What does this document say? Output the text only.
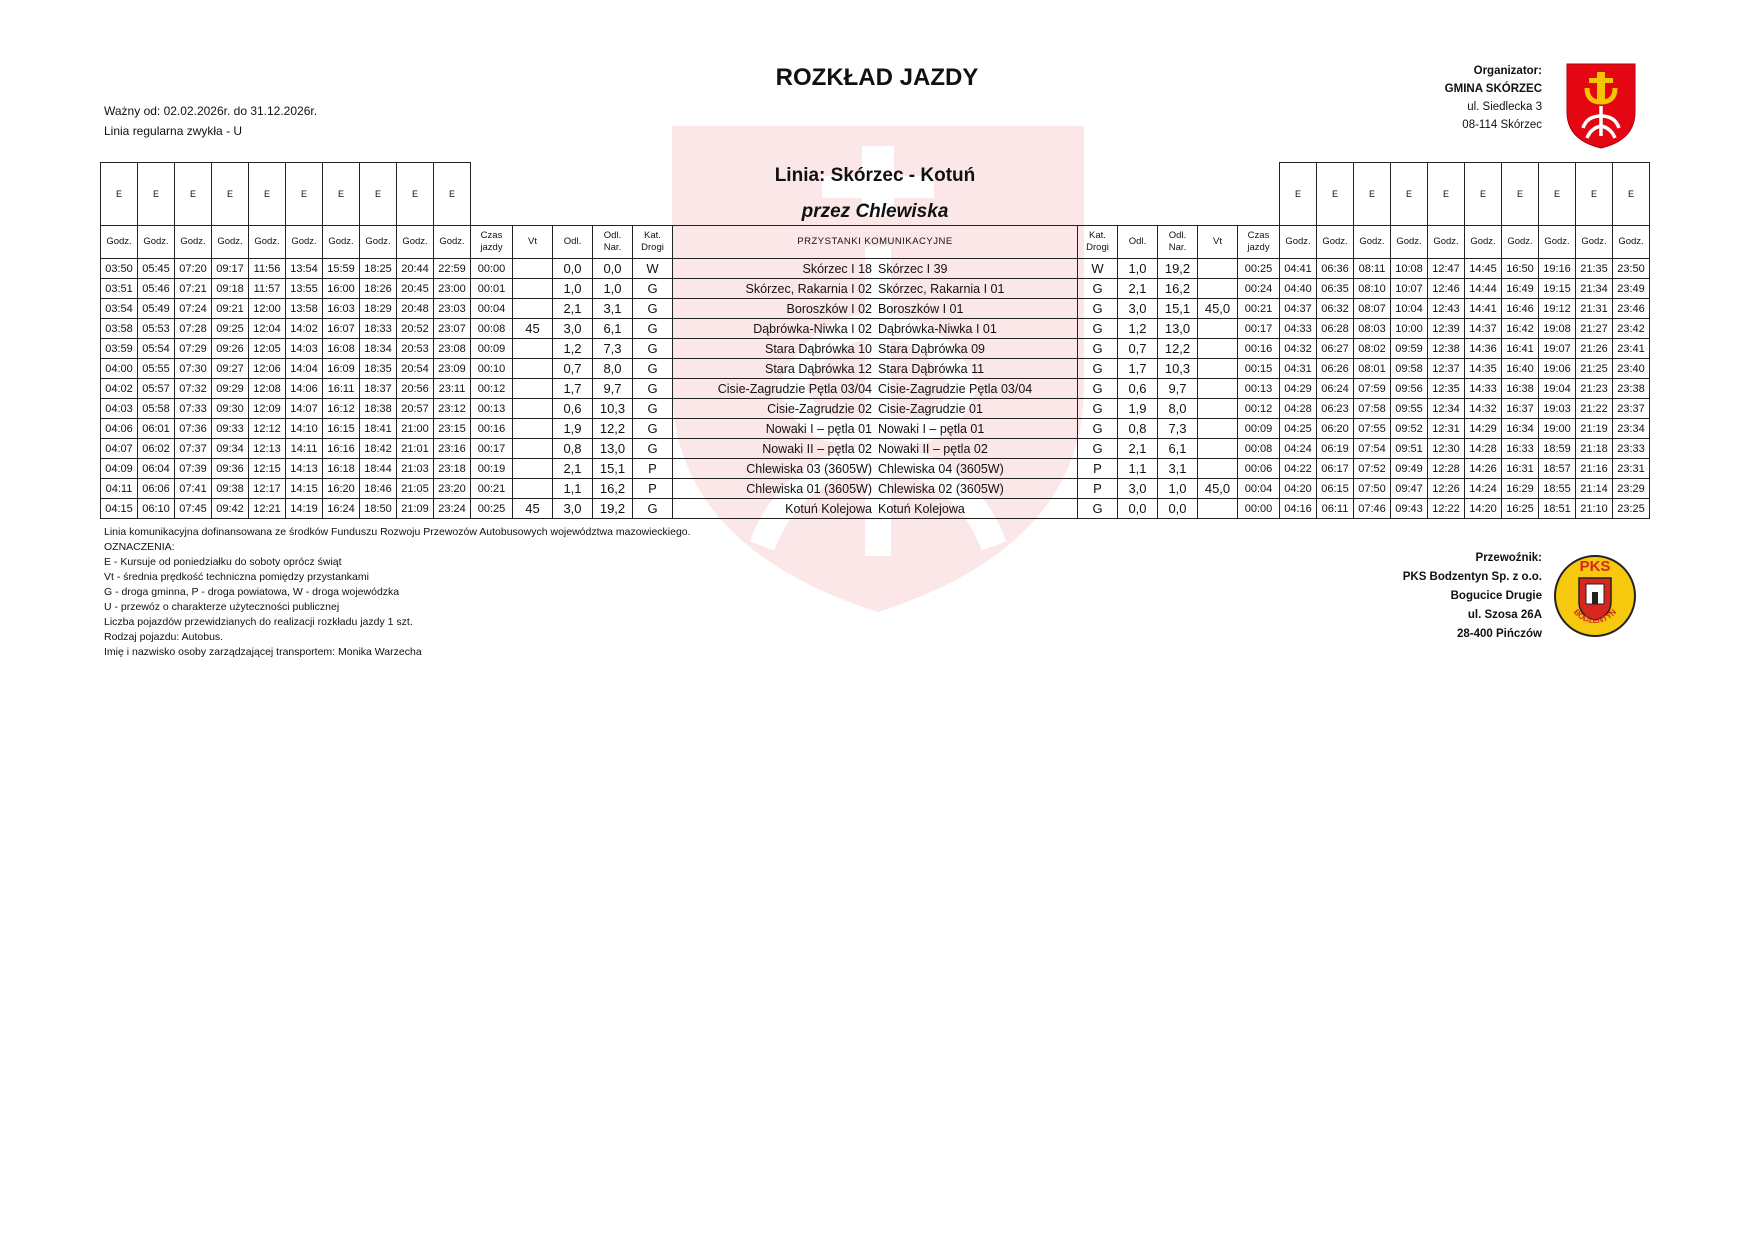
ROZKŁAD JAZDY
Ważny od: 02.02.2026r. do 31.12.2026r.
Linia regularna zwykła - U
Organizator:
GMINA SKÓRZEC
ul. Siedlecka 3
08-114 Skórzec
E	E	E	E	E	E	E	E	E	E						Linia: Skórzec - Kotuń
przez Chlewiska						E	E	E	E	E	E	E	E	E	E
Godz.	Godz.	Godz.	Godz.	Godz.	Godz.	Godz.	Godz.	Godz.	Godz.	Czas jazdy	Vt	Odl.	Odl. Nar.	Kat. Drogi	PRZYSTANKI KOMUNIKACYJNE	Kat. Drogi	Odl.	Odl. Nar.	Vt	Czas jazdy	Godz.	Godz.	Godz.	Godz.	Godz.	Godz.	Godz.	Godz.	Godz.	Godz.
03:50	05:45	07:20	09:17	11:56	13:54	15:59	18:25	20:44	22:59	00:00		0,0	0,0	W	Skórzec I 18 Skórzec I 39	W	1,0	19,2		00:25	04:41	06:36	08:11	10:08	12:47	14:45	16:50	19:16	21:35	23:50
03:51	05:46	07:21	09:18	11:57	13:55	16:00	18:26	20:45	23:00	00:01		1,0	1,0	G	Skórzec, Rakarnia I 02 Skórzec, Rakarnia I 01	G	2,1	16,2		00:24	04:40	06:35	08:10	10:07	12:46	14:44	16:49	19:15	21:34	23:49
03:54	05:49	07:24	09:21	12:00	13:58	16:03	18:29	20:48	23:03	00:04		2,1	3,1	G	Boroszków I 02 Boroszków I 01	G	3,0	15,1	45,0	00:21	04:37	06:32	08:07	10:04	12:43	14:41	16:46	19:12	21:31	23:46
03:58	05:53	07:28	09:25	12:04	14:02	16:07	18:33	20:52	23:07	00:08	45	3,0	6,1	G	Dąbrówka-Niwka I 02 Dąbrówka-Niwka I 01	G	1,2	13,0		00:17	04:33	06:28	08:03	10:00	12:39	14:37	16:42	19:08	21:27	23:42
03:59	05:54	07:29	09:26	12:05	14:03	16:08	18:34	20:53	23:08	00:09		1,2	7,3	G	Stara Dąbrówka 10 Stara Dąbrówka 09	G	0,7	12,2		00:16	04:32	06:27	08:02	09:59	12:38	14:36	16:41	19:07	21:26	23:41
04:00	05:55	07:30	09:27	12:06	14:04	16:09	18:35	20:54	23:09	00:10		0,7	8,0	G	Stara Dąbrówka 12 Stara Dąbrówka 11	G	1,7	10,3		00:15	04:31	06:26	08:01	09:58	12:37	14:35	16:40	19:06	21:25	23:40
04:02	05:57	07:32	09:29	12:08	14:06	16:11	18:37	20:56	23:11	00:12		1,7	9,7	G	Cisie-Zagrudzie Pętla 03/04 Cisie-Zagrudzie Pętla 03/04	G	0,6	9,7		00:13	04:29	06:24	07:59	09:56	12:35	14:33	16:38	19:04	21:23	23:38
04:03	05:58	07:33	09:30	12:09	14:07	16:12	18:38	20:57	23:12	00:13		0,6	10,3	G	Cisie-Zagrudzie 02 Cisie-Zagrudzie 01	G	1,9	8,0		00:12	04:28	06:23	07:58	09:55	12:34	14:32	16:37	19:03	21:22	23:37
04:06	06:01	07:36	09:33	12:12	14:10	16:15	18:41	21:00	23:15	00:16		1,9	12,2	G	Nowaki I – pętla 01 Nowaki I – pętla 01	G	0,8	7,3		00:09	04:25	06:20	07:55	09:52	12:31	14:29	16:34	19:00	21:19	23:34
04:07	06:02	07:37	09:34	12:13	14:11	16:16	18:42	21:01	23:16	00:17		0,8	13,0	G	Nowaki II – pętla 02 Nowaki II – pętla 02	G	2,1	6,1		00:08	04:24	06:19	07:54	09:51	12:30	14:28	16:33	18:59	21:18	23:33
04:09	06:04	07:39	09:36	12:15	14:13	16:18	18:44	21:03	23:18	00:19		2,1	15,1	P	Chlewiska 03 (3605W) Chlewiska 04 (3605W)	P	1,1	3,1		00:06	04:22	06:17	07:52	09:49	12:28	14:26	16:31	18:57	21:16	23:31
04:11	06:06	07:41	09:38	12:17	14:15	16:20	18:46	21:05	23:20	00:21		1,1	16,2	P	Chlewiska 01 (3605W) Chlewiska 02 (3605W)	P	3,0	1,0	45,0	00:04	04:20	06:15	07:50	09:47	12:26	14:24	16:29	18:55	21:14	23:29
04:15	06:10	07:45	09:42	12:21	14:19	16:24	18:50	21:09	23:24	00:25	45	3,0	19,2	G	Kotuń Kolejowa Kotuń Kolejowa	G	0,0	0,0		00:00	04:16	06:11	07:46	09:43	12:22	14:20	16:25	18:51	21:10	23:25
Linia komunikacyjna dofinansowana ze środków Funduszu Rozwoju Przewozów Autobusowych województwa mazowieckiego.
OZNACZENIA:
E - Kursuje od poniedziałku do soboty oprócz świąt
Vt - średnia prędkość techniczna pomiędzy przystankami
G - droga gminna, P - droga powiatowa, W - droga wojewódzka
U - przewóz o charakterze użyteczności publicznej
Liczba pojazdów przewidzianych do realizacji rozkładu jazdy 1 szt.
Rodzaj pojazdu: Autobus.
Imię i nazwisko osoby zarządzającej transportem: Monika Warzecha
Przewoźnik:
PKS Bodzentyn Sp. z o.o.
Bogucice Drugie
ul. Szosa 26A
28-400 Pińczów
PKS
BODZENTYN
